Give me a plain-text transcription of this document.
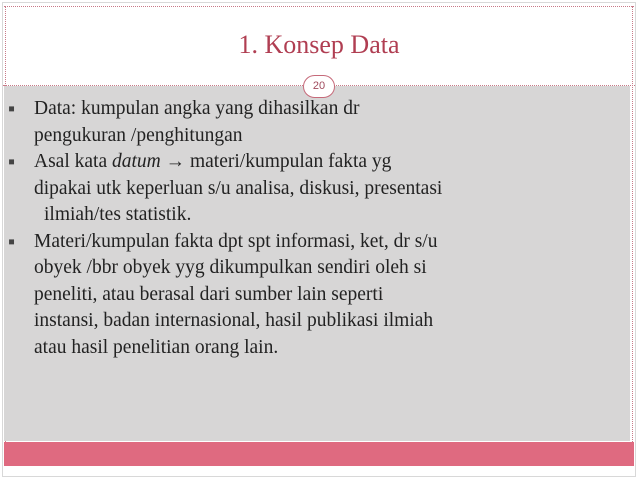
1. Konsep Data
20
▪ Data: kumpulan angka yang dihasilkan dr
pengukuran /penghitungan
▪ Asal kata datum → materi/kumpulan fakta yg
dipakai utk keperluan s/u analisa, diskusi, presentasi
ilmiah/tes statistik.
▪ Materi/kumpulan fakta dpt spt informasi, ket, dr s/u
obyek /bbr obyek yyg dikumpulkan sendiri oleh si
peneliti, atau berasal dari sumber lain seperti
instansi, badan internasional, hasil publikasi ilmiah
atau hasil penelitian orang lain.
